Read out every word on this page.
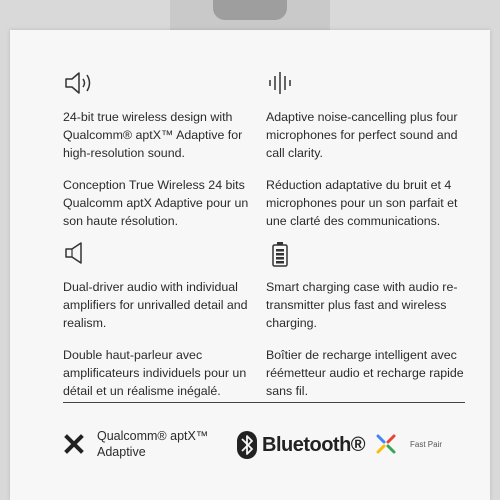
24-bit true wireless design with Qualcomm® aptX™ Adaptive for high-resolution sound.

Conception True Wireless 24 bits Qualcomm aptX Adaptive pour un son haute résolution.

Adaptive noise-cancelling plus four microphones for perfect sound and call clarity.

Réduction adaptative du bruit et 4 microphones pour un son parfait et une clarté des communications.

Dual-driver audio with individual amplifiers for unrivalled detail and realism.

Double haut-parleur avec amplificateurs individuels pour un détail et un réalisme inégalé.

Smart charging case with audio re-transmitter plus fast and wireless charging.

Boîtier de recharge intelligent avec réémetteur audio et recharge rapide sans fil.

Qualcomm® aptX™
Adaptive	Bluetooth®	Fast Pair
